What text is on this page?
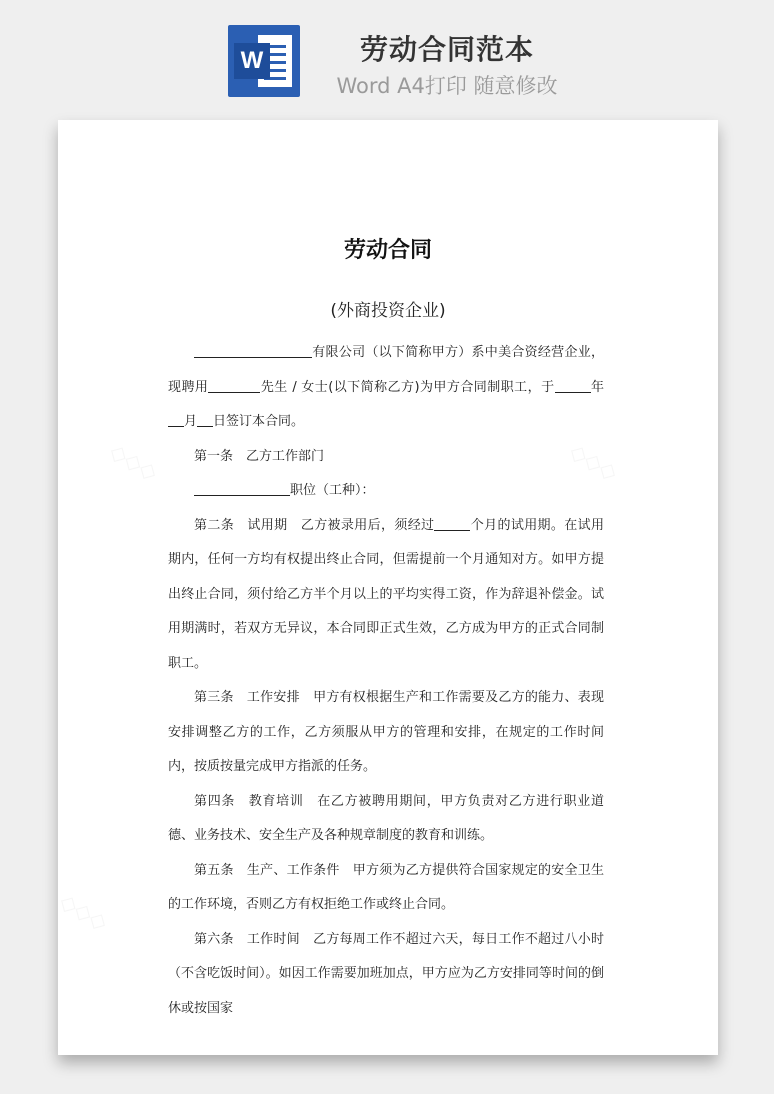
W	劳动合同范本
Word A4打印 随意修改
劳动合同
(外商投资企业)

有限公司（以下简称甲方）系中美合资经营企业，现聘用	先生 / 女士(以下简称乙方)为甲方合同制职工，于	年月 日签订本合同。

第一条　乙方工作部门

职位（工种）：

第二条　试用期　乙方被录用后，须经过	个月的试用期。在试用期内，任何一方均有权提出终止合同，但需提前一个月通知对方。如甲方提出终止合同，须付给乙方半个月以上的平均实得工资，作为辞退补偿金。试用期满时，若双方无异议，本合同即正式生效，乙方成为甲方的正式合同制职工。

第三条　工作安排　甲方有权根据生产和工作需要及乙方的能力、表现安排调整乙方的工作，乙方须服从甲方的管理和安排，在规定的工作时间内，按质按量完成甲方指派的任务。

第四条　教育培训　在乙方被聘用期间，甲方负责对乙方进行职业道德、业务技术、安全生产及各种规章制度的教育和训练。

第五条　生产、工作条件　甲方须为乙方提供符合国家规定的安全卫生的工作环境，否则乙方有权拒绝工作或终止合同。

第六条　工作时间　乙方每周工作不超过六天，每日工作不超过八小时（不含吃饭时间）。如因工作需要加班加点，甲方应为乙方安排同等时间的倒休或按国家
